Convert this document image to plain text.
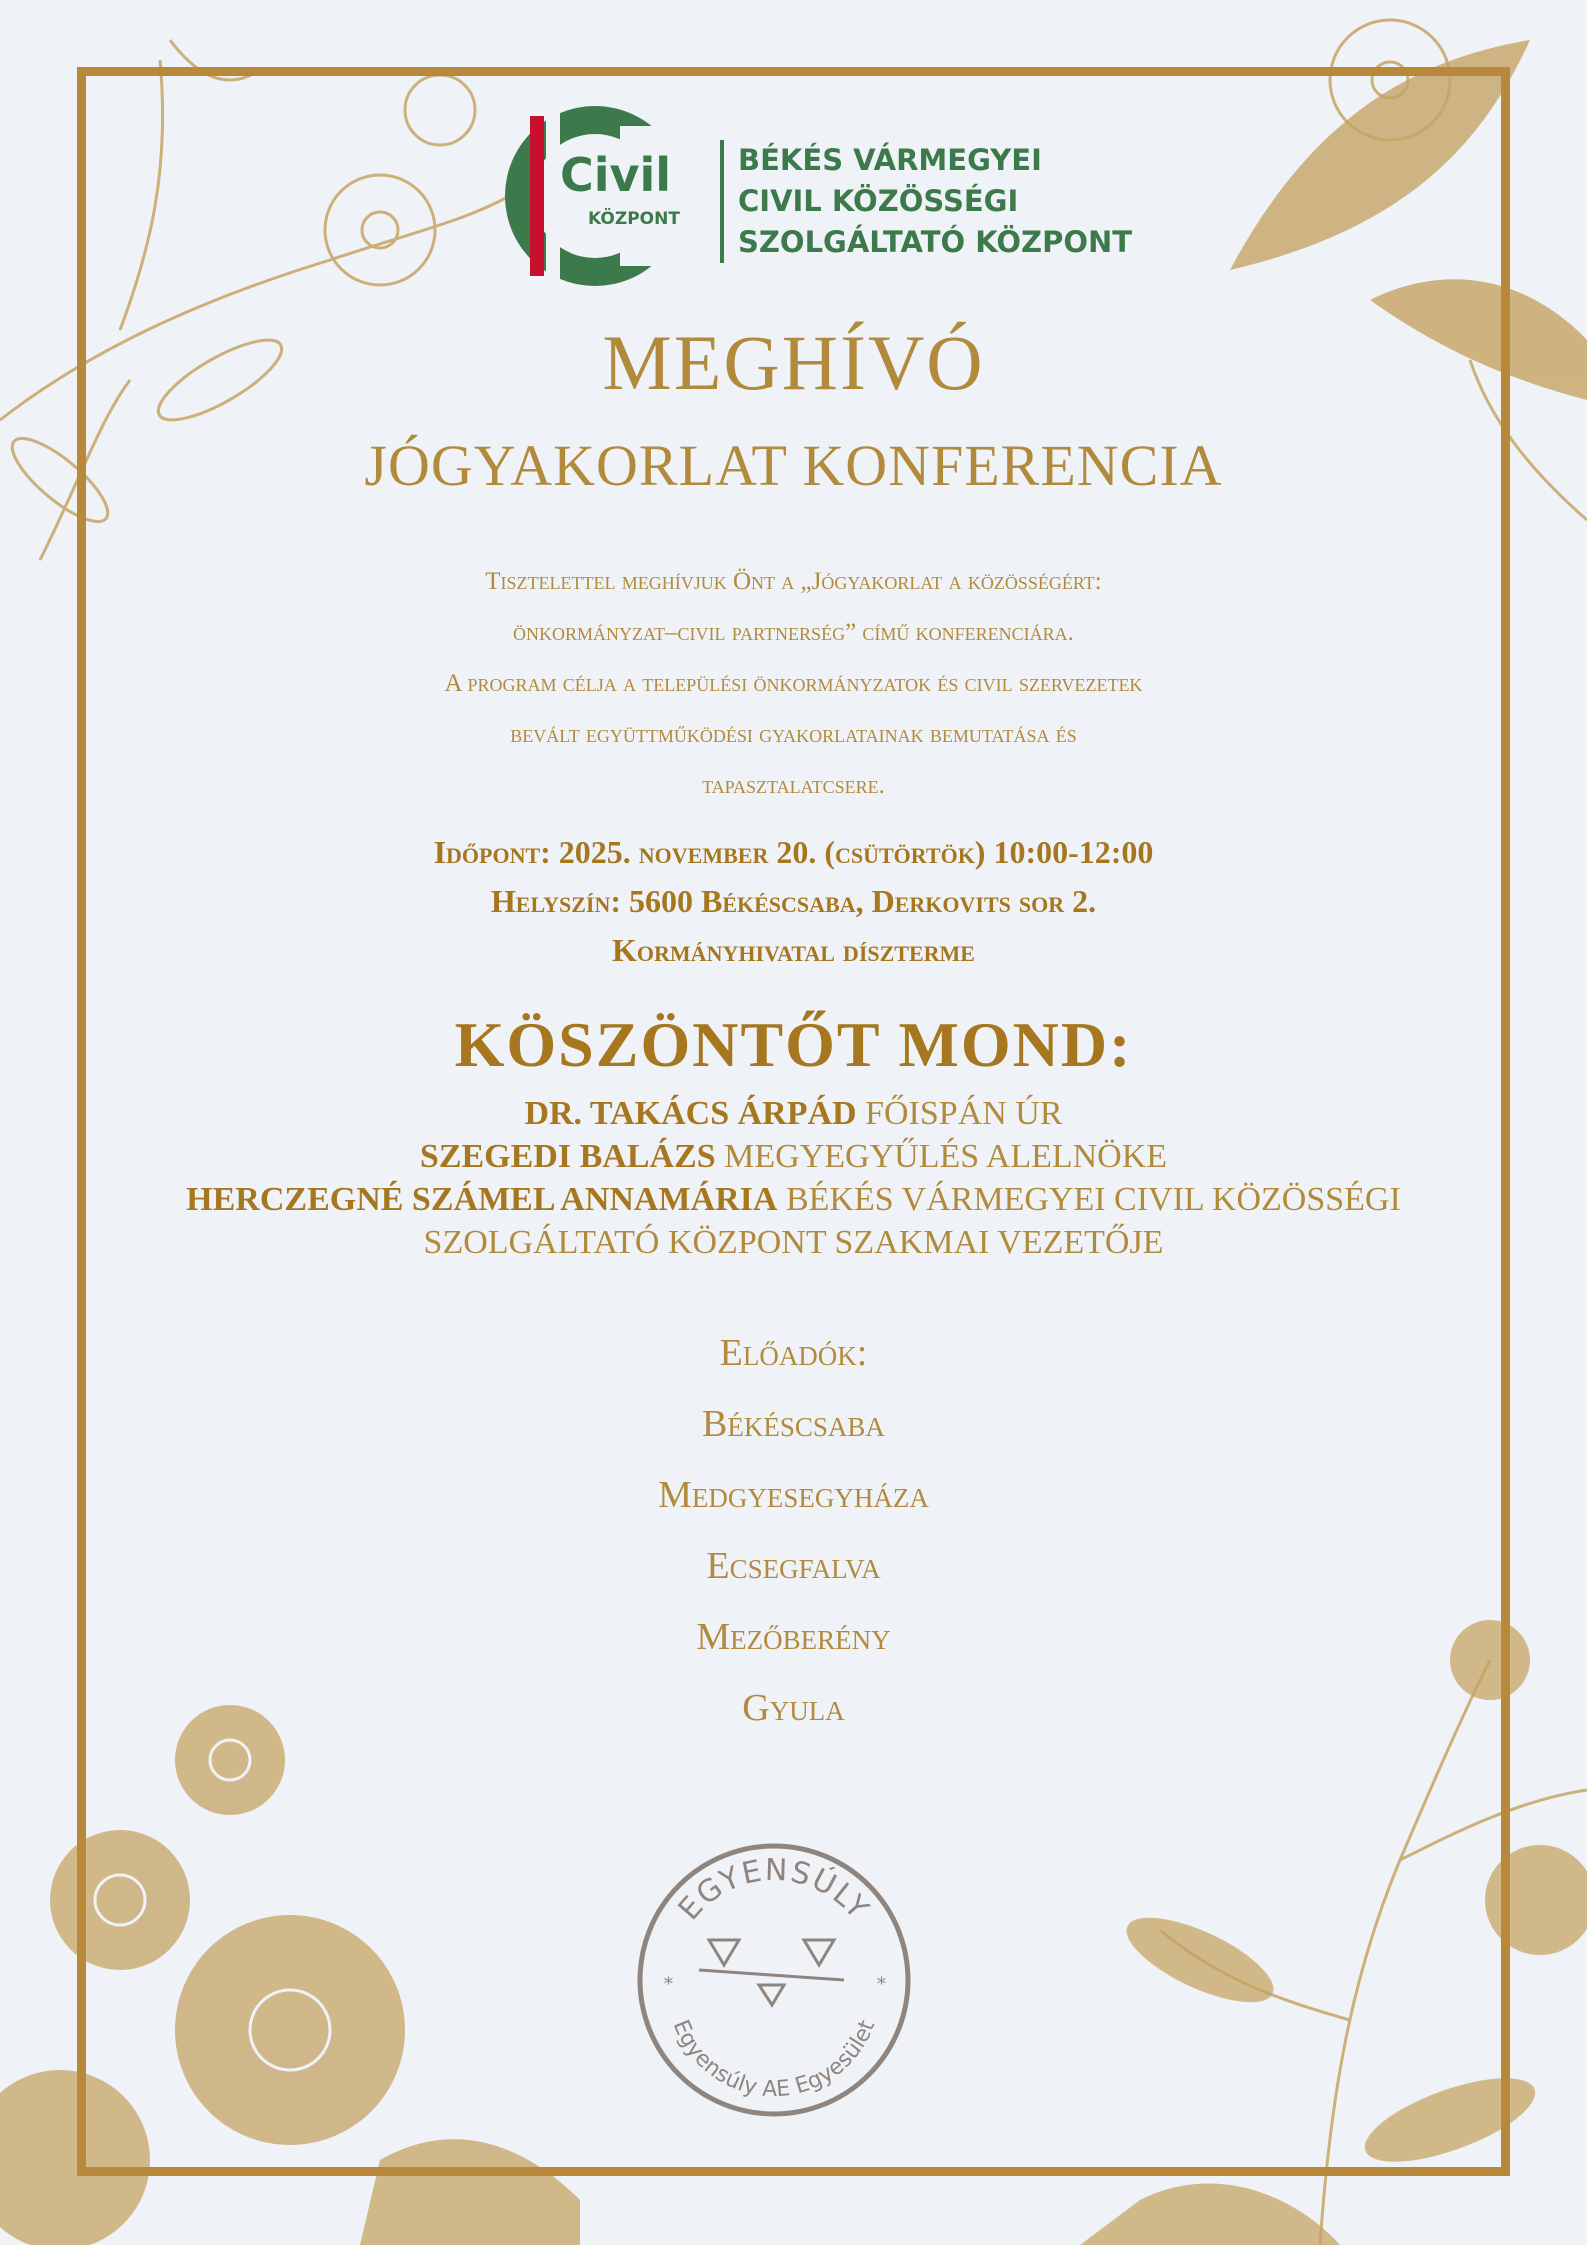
Civil
KÖZPONT
BÉKÉS VÁRMEGYEI
CIVIL KÖZÖSSÉGI
SZOLGÁLTATÓ KÖZPONT
MEGHÍVÓ
JÓGYAKORLAT KONFERENCIA
Tisztelettel meghívjuk Önt a „Jógyakorlat a közösségért:
önkormányzat–civil partnerség” című konferenciára.
A program célja a települési önkormányzatok és civil szervezetek
bevált együttműködési gyakorlatainak bemutatása és
tapasztalatcsere.
Időpont: 2025. november 20. (csütörtök) 10:00-12:00
Helyszín: 5600 Békéscsaba, Derkovits sor 2.
Kormányhivatal díszterme
KÖSZÖNTŐT MOND:
DR. TAKÁCS ÁRPÁD FŐISPÁN ÚR
SZEGEDI BALÁZS MEGYEGYŰLÉS ALELNÖKE
HERCZEGNÉ SZÁMEL ANNAMÁRIA BÉKÉS VÁRMEGYEI CIVIL KÖZÖSSÉGI
SZOLGÁLTATÓ KÖZPONT SZAKMAI VEZETŐJE
Előadók:
Békéscsaba
Medgyesegyháza
Ecsegfalva
Mezőberény
Gyula
EGYENSÚLY
Egyensúly AE Egyesület
*	*
